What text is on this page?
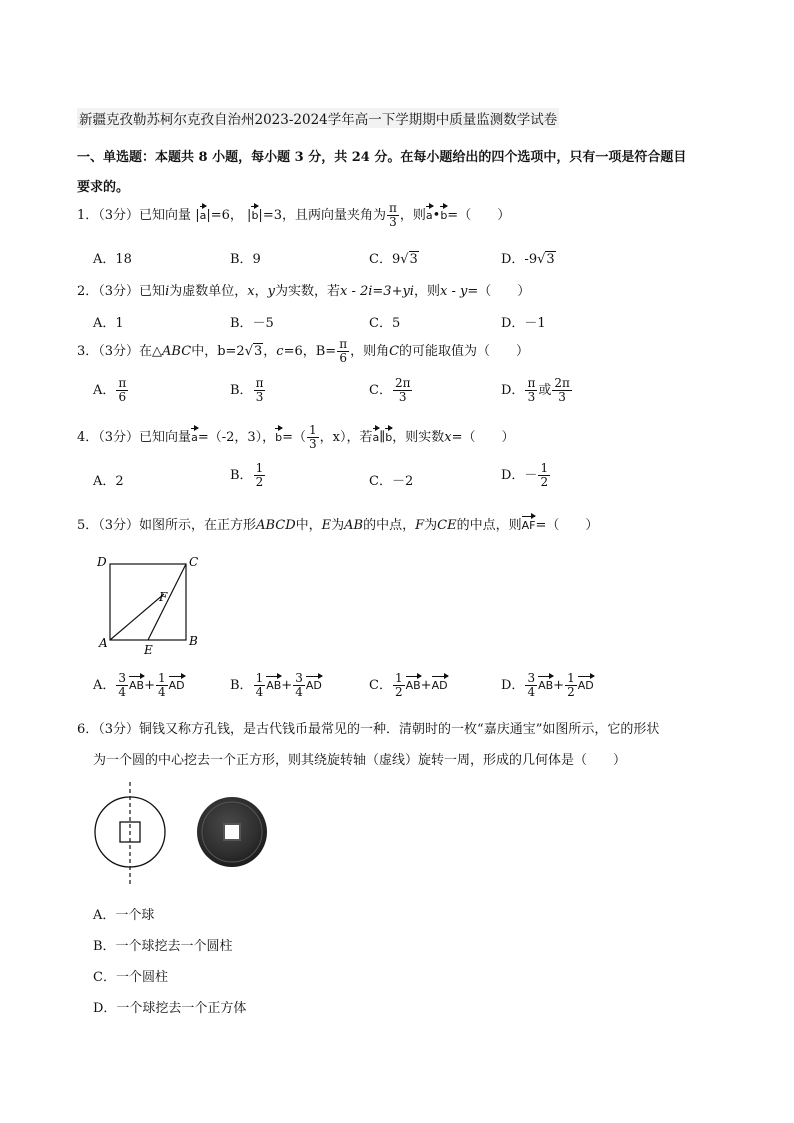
新疆克孜勒苏柯尔克孜自治州2023-2024学年高一下学期期中质量监测数学试卷
一、单选题：本题共 8 小题，每小题 3 分，共 24 分。在每小题给出的四个选项中，只有一项是符合题目
要求的。
1．（3分）已知向量 |a|=6， |b|=3，且两向量夹角为 $\frac{\pi}{3}$ ，则a•b=（　　）
A．18	B．9	C．9√3	D．-9√3
2．（3分）已知i为虚数单位，x，y为实数，若x - 2i=3+yi，则x - y=（　　）
A．1	B．－5	C．5	D．－1
3．（3分）在△ABC中，b=2√3，c=6，$B= \frac{\pi}{6}$ ，则角C的可能取值为（　　）
A． $\frac{\pi}{6}$	B． $\frac{\pi}{3}$	C． $\frac{2\pi}{3}$	D． $\frac{\pi}{3}$ 或 $\frac{2\pi}{3}$
4．（3分）已知向量a=（-2，3），$b=( \frac{1}{3}$ ，x），若a∥b，则实数x=（　　）
A．2	B． $\frac{1}{2}$	C．－2	D．－ $\frac{1}{2}$
5．（3分）如图所示，在正方形ABCD中，E为AB的中点，F为CE的中点，则AF=（　　）
D	C
A	B
E
F
A． $\frac{3}{4} AB+ \frac{1}{4}$ AD	B． $\frac{1}{4} AB+ \frac{3}{4}$ AD	C． $\frac{1}{2} AB+AD$	D． $\frac{3}{4} AB+ \frac{1}{2}$ AD
6．（3分）铜钱又称方孔钱，是古代钱币最常见的一种．清朝时的一枚“嘉庆通宝”如图所示，它的形状
为一个圆的中心挖去一个正方形，则其绕旋转轴（虚线）旋转一周，形成的几何体是（　　）
A．一个球
B．一个球挖去一个圆柱
C．一个圆柱
D．一个球挖去一个正方体
